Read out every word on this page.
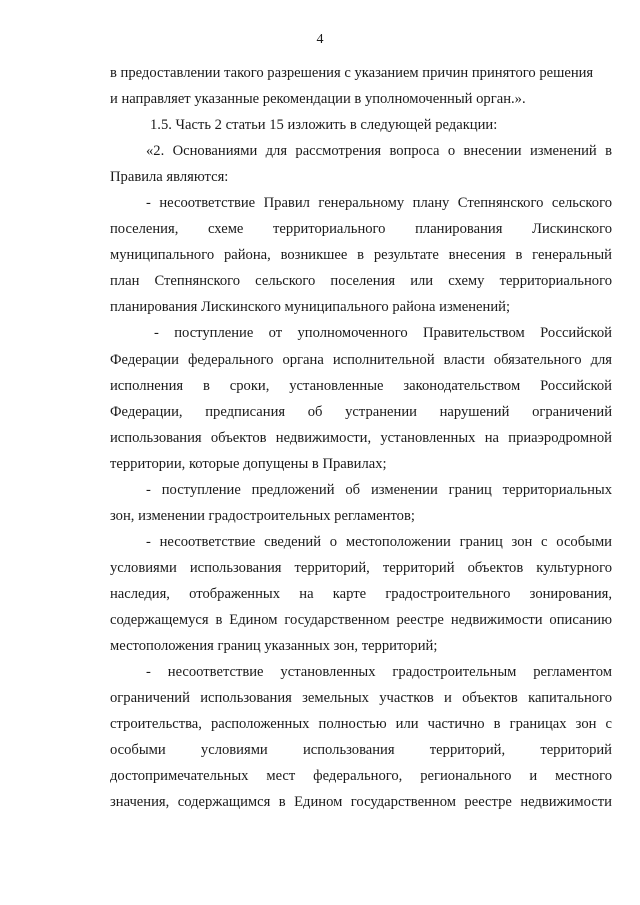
4
в предоставлении такого разрешения с указанием причин принятого решения
и направляет указанные рекомендации в уполномоченный орган.».
1.5. Часть 2 статьи 15 изложить в следующей редакции:
«2. Основаниями для рассмотрения вопроса о внесении изменений в
Правила являются:
- несоответствие Правил генеральному плану Степнянского сельского
поселения, схеме территориального планирования Лискинского
муниципального района, возникшее в результате внесения в генеральный
план Степнянского сельского поселения или схему территориального
планирования Лискинского муниципального района изменений;
- поступление от уполномоченного Правительством Российской
Федерации федерального органа исполнительной власти обязательного для
исполнения в сроки, установленные законодательством Российской
Федерации, предписания об устранении нарушений ограничений
использования объектов недвижимости, установленных на приаэродромной
территории, которые допущены в Правилах;
- поступление предложений об изменении границ территориальных
зон, изменении градостроительных регламентов;
- несоответствие сведений о местоположении границ зон с особыми
условиями использования территорий, территорий объектов культурного
наследия, отображенных на карте градостроительного зонирования,
содержащемуся в Едином государственном реестре недвижимости описанию
местоположения границ указанных зон, территорий;
- несоответствие установленных градостроительным регламентом
ограничений использования земельных участков и объектов капитального
строительства, расположенных полностью или частично в границах зон с
особыми условиями использования территорий, территорий
достопримечательных мест федерального, регионального и местного
значения, содержащимся в Едином государственном реестре недвижимости
